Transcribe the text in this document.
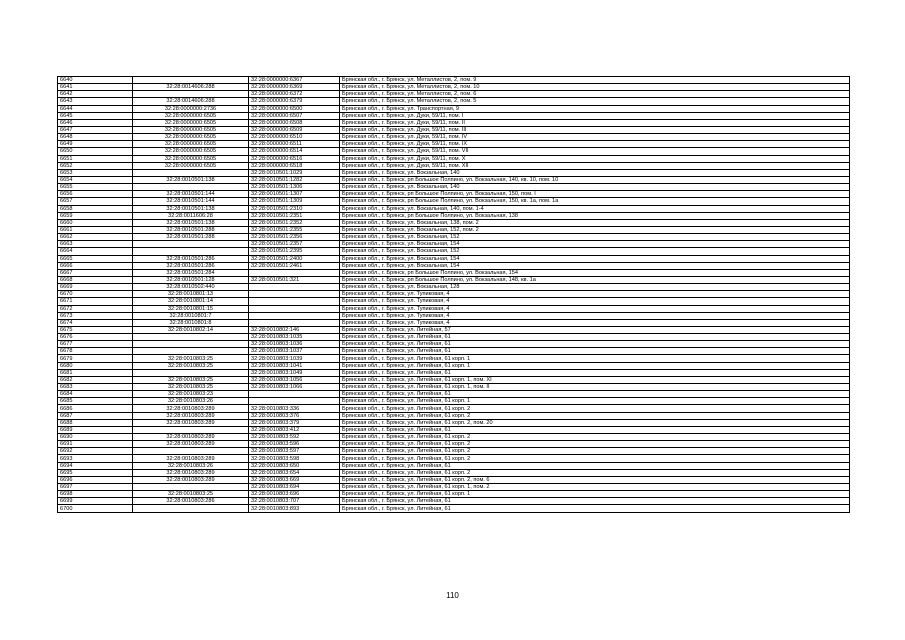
6640		32:28:0000000:6367	Брянская обл., г. Брянск, ул. Металлистов, 2, пом. 9
6641	32:28:0014606:288	32:28:0000000:6369	Брянская обл., г. Брянск, ул. Металлистов, 2, пом. 10
6642		32:28:0000000:6372	Брянская обл., г. Брянск, ул. Металлистов, 2, пом. 6
6643	32:28:0014606:288	32:28:0000000:6379	Брянская обл., г. Брянск, ул. Металлистов, 2, пом. 5
6644	32:28:0000000:2736	32:28:0000000:6500	Брянская обл., г. Брянск, ул. Транспортная, 9
6645	32:28:0000000:6505	32:28:0000000:6507	Брянская обл., г. Брянск, ул. Дуки, 59/11, пом. I
6646	32:28:0000000:6505	32:28:0000000:6508	Брянская обл., г. Брянск, ул. Дуки, 59/11, пом. II
6647	32:28:0000000:6505	32:28:0000000:6509	Брянская обл., г. Брянск, ул. Дуки, 59/11, пом. III
6648	32:28:0000000:6505	32:28:0000000:6510	Брянская обл., г. Брянск, ул. Дуки, 59/11, пом. IV
6649	32:28:0000000:6505	32:28:0000000:6511	Брянская обл., г. Брянск, ул. Дуки, 59/11, пом. IX
6650	32:28:0000000:6505	32:28:0000000:6514	Брянская обл., г. Брянск, ул. Дуки, 59/11, пом. VII
6651	32:28:0000000:6505	32:28:0000000:6516	Брянская обл., г. Брянск, ул. Дуки, 59/11, пом. X
6652	32:28:0000000:6505	32:28:0000000:6518	Брянская обл., г. Брянск, ул. Дуки, 59/11, пом. XII
6653		32:28:0010501:1029	Брянская обл., г. Брянск, ул. Вокзальная, 140
6654	32:28:0010501:138	32:28:0010501:1282	Брянская обл., г. Брянск, рп Большое Полпино, ул. Вокзальная, 140, кв. 10, пом. 10
6655		32:28:0010501:1306	Брянская обл., г. Брянск, ул. Вокзальная, 140
6656	32:28:0010501:144	32:28:0010501:1307	Брянская обл., г. Брянск, рп Большое Полпино, ул. Вокзальная, 150, пом. I
6657	32:28:0010501:144	32:28:0010501:1309	Брянская обл., г. Брянск, рп Большое Полпино, ул. Вокзальная, 150, кв. 1а, пом. 1а
6658	32:28:0010501:138	32:28:0010501:2310	Брянская обл., г. Брянск, ул. Вокзальная, 140, пом. 1-4
6659	32:28:0011606:28	32:28:0010501:2351	Брянская обл., г. Брянск, рп Большое Полпино, ул. Вокзальная, 138
6660	32:28:0010501:138	32:28:0010501:2352	Брянская обл., г. Брянск, ул. Вокзальная, 138, пом. 2
6661	32:28:0010501:288	32:28:0010501:2355	Брянская обл., г. Брянск, ул. Вокзальная, 152, пом. 2
6662	32:28:0010501:288	32:28:0010501:2356	Брянская обл., г. Брянск, ул. Вокзальная, 152
6663		32:28:0010501:2357	Брянская обл., г. Брянск, ул. Вокзальная, 154
6664		32:28:0010501:2395	Брянская обл., г. Брянск, ул. Вокзальная, 152
6665	32:28:0010501:286	32:28:0010501:2400	Брянская обл., г. Брянск, ул. Вокзальная, 154
6666	32:28:0010501:286	32:28:0010501:2461	Брянская обл., г. Брянск, ул. Вокзальная, 154
6667	32:28:0010501:284		Брянская обл., г. Брянск, рп Большое Полпино, ул. Вокзальная, 154
6668	32:28:0010501:128	32:28:0010501:321	Брянская обл., г. Брянск, рп Большое Полпино, ул. Вокзальная, 148, кв. 1а
6669	32:28:0010502:440		Брянская обл., г. Брянск, ул. Вокзальная, 128
6670	32:28:0010801:13		Брянская обл., г. Брянск, ул. Тупиковая, 4
6671	32:28:0010801:14		Брянская обл., г. Брянск, ул. Тупиковая, 4
6672	32:28:0010801:15		Брянская обл., г. Брянск, ул. Тупиковая, 4
6673	32:28:0010801:7		Брянская обл., г. Брянск, ул. Тупиковая, 4
6674	32:28:0010801:8		Брянская обл., г. Брянск, ул. Тупиковая, 4
6675	32:28:0010802:14	32:28:0010802:146	Брянская обл., г. Брянск, ул. Литейная, 57
6676		32:28:0010803:1035	Брянская обл., г. Брянск, ул. Литейная, 61
6677		32:28:0010803:1036	Брянская обл., г. Брянск, ул. Литейная, 61
6678		32:28:0010803:1037	Брянская обл., г. Брянск, ул. Литейная, 61
6679	32:28:0010803:25	32:28:0010803:1039	Брянская обл., г. Брянск, ул. Литейная, 61 корп. 1
6680	32:28:0010803:25	32:28:0010803:1041	Брянская обл., г. Брянск, ул. Литейная, 61 корп. 1
6681		32:28:0010803:1049	Брянская обл., г. Брянск, ул. Литейная, 61
6682	32:28:0010803:25	32:28:0010803:1056	Брянская обл., г. Брянск, ул. Литейная, 61 корп. 1, пом. XI
6683	32:28:0010803:25	32:28:0010803:1066	Брянская обл., г. Брянск, ул. Литейная, 61 корп. 1, пом. II
6684	32:28:0010803:23		Брянская обл., г. Брянск, ул. Литейная, 61
6685	32:28:0010803:26		Брянская обл., г. Брянск, ул. Литейная, 61 корп. 1
6686	32:28:0010803:289	32:28:0010803:336	Брянская обл., г. Брянск, ул. Литейная, 61 корп. 2
6687	32:28:0010803:289	32:28:0010803:376	Брянская обл., г. Брянск, ул. Литейная, 61 корп. 2
6688	32:28:0010803:289	32:28:0010803:379	Брянская обл., г. Брянск, ул. Литейная, 61 корп. 2, пом. 20
6689		32:28:0010803:412	Брянская обл., г. Брянск, ул. Литейная, 61
6690	32:28:0010803:289	32:28:0010803:592	Брянская обл., г. Брянск, ул. Литейная, 61 корп. 2
6691	32:28:0010803:289	32:28:0010803:596	Брянская обл., г. Брянск, ул. Литейная, 61 корп. 2
6692		32:28:0010803:597	Брянская обл., г. Брянск, ул. Литейная, 61 корп. 2
6693	32:28:0010803:289	32:28:0010803:598	Брянская обл., г. Брянск, ул. Литейная, 61 корп. 2
6694	32:28:0010803:26	32:28:0010803:650	Брянская обл., г. Брянск, ул. Литейная, 61
6695	32:28:0010803:289	32:28:0010803:654	Брянская обл., г. Брянск, ул. Литейная, 61 корп. 2
6696	32:28:0010803:289	32:28:0010803:669	Брянская обл., г. Брянск, ул. Литейная, 61 корп. 2, пом. 6
6697		32:28:0010803:694	Брянская обл., г. Брянск, ул. Литейная, 61 корп. 1, пом. 2
6698	32:28:0010803:25	32:28:0010803:696	Брянская обл., г. Брянск, ул. Литейная, 61 корп. 1
6699	32:28:0010803:286	32:28:0010803:707	Брянская обл., г. Брянск, ул. Литейная, 61
6700		32:28:0010803:893	Брянская обл., г. Брянск, ул. Литейная, 61
110
